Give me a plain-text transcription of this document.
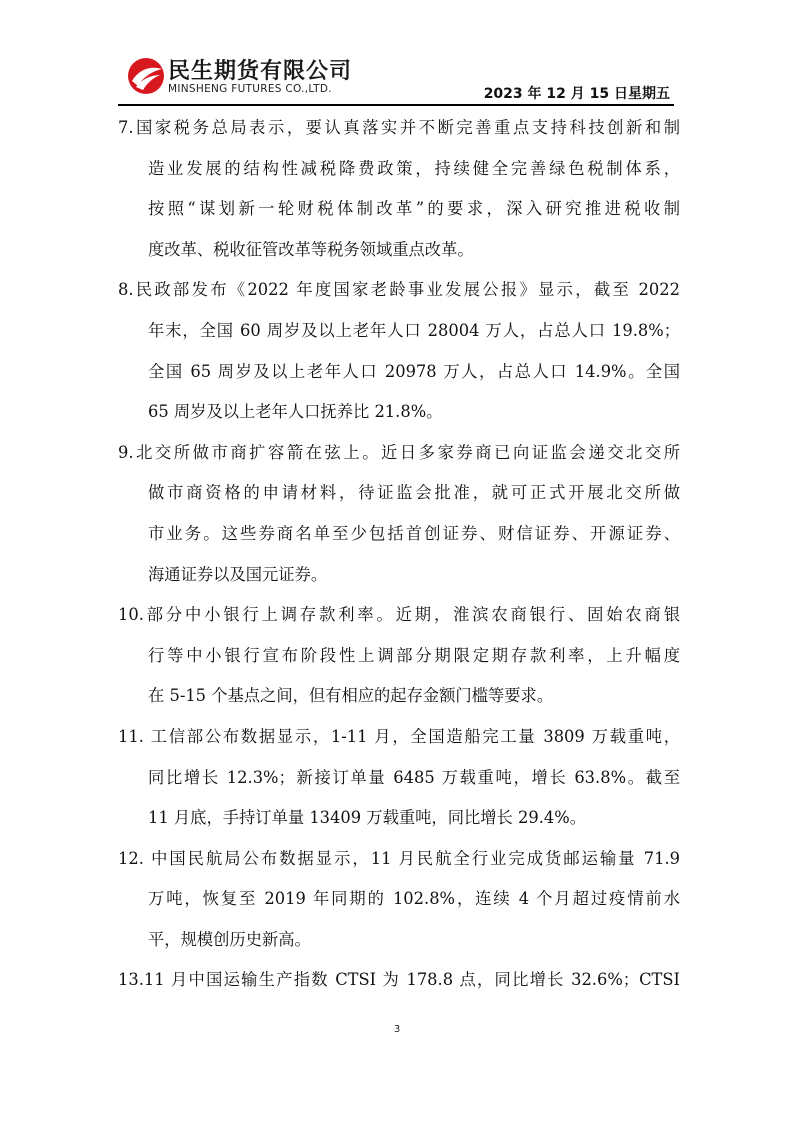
民生期货有限公司
MINSHENG FUTURES CO.,LTD.	2023 年 12 月 15 日星期五
7.国家税务总局表示，要认真落实并不断完善重点支持科技创新和制
造业发展的结构性减税降费政策，持续健全完善绿色税制体系，
按照“谋划新一轮财税体制改革”的要求，深入研究推进税收制
度改革、税收征管改革等税务领域重点改革。
8.民政部发布《2022 年度国家老龄事业发展公报》显示，截至 2022
年末，全国 60 周岁及以上老年人口 28004 万人，占总人口 19.8%；
全国 65 周岁及以上老年人口 20978 万人，占总人口 14.9%。全国
65 周岁及以上老年人口抚养比 21.8%。
9.北交所做市商扩容箭在弦上。近日多家券商已向证监会递交北交所
做市商资格的申请材料，待证监会批准，就可正式开展北交所做
市业务。这些券商名单至少包括首创证券、财信证券、开源证券、
海通证券以及国元证券。
10.部分中小银行上调存款利率。近期，淮滨农商银行、固始农商银
行等中小银行宣布阶段性上调部分期限定期存款利率，上升幅度
在 5-15 个基点之间，但有相应的起存金额门槛等要求。
11. 工信部公布数据显示，1-11 月，全国造船完工量 3809 万载重吨，
同比增长 12.3%；新接订单量 6485 万载重吨，增长 63.8%。截至
11 月底，手持订单量 13409 万载重吨，同比增长 29.4%。
12. 中国民航局公布数据显示，11 月民航全行业完成货邮运输量 71.9
万吨，恢复至 2019 年同期的 102.8%，连续 4 个月超过疫情前水
平，规模创历史新高。
13.11 月中国运输生产指数 CTSI 为 178.8 点，同比增长 32.6%；CTSI
3
